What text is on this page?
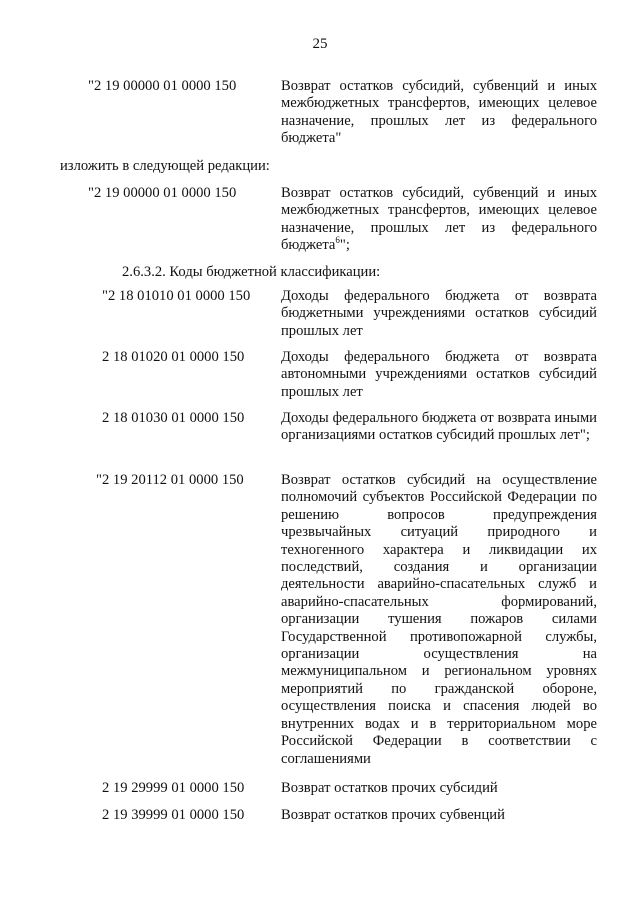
25
"2 19 00000 01 0000 150	Возврат остатков субсидий, субвенций и иных межбюджетных трансфертов, имеющих целевое назначение, прошлых лет из федерального бюджета"
изложить в следующей редакции:
"2 19 00000 01 0000 150	Возврат остатков субсидий, субвенций и иных межбюджетных трансфертов, имеющих целевое назначение, прошлых лет из федерального бюджета$^6$";
2.6.3.2. Коды бюджетной классификации:
"2 18 01010 01 0000 150	Доходы федерального бюджета от возврата бюджетными учреждениями остатков субсидий прошлых лет
2 18 01020 01 0000 150	Доходы федерального бюджета от возврата автономными учреждениями остатков субсидий прошлых лет
2 18 01030 01 0000 150	Доходы федерального бюджета от возврата иными организациями остатков субсидий прошлых лет";
"2 19 20112 01 0000 150	Возврат остатков субсидий на осуществление полномочий субъектов Российской Федерации по решению вопросов предупреждения чрезвычайных ситуаций природного и техногенного характера и ликвидации их последствий, создания и организации деятельности аварийно-спасательных служб и аварийно-спасательных формирований, организации тушения пожаров силами Государственной противопожарной службы, организации осуществления на межмуниципальном и региональном уровнях мероприятий по гражданской обороне, осуществления поиска и спасения людей во внутренних водах и в территориальном море Российской Федерации в соответствии с соглашениями
2 19 29999 01 0000 150	Возврат остатков прочих субсидий
2 19 39999 01 0000 150	Возврат остатков прочих субвенций
